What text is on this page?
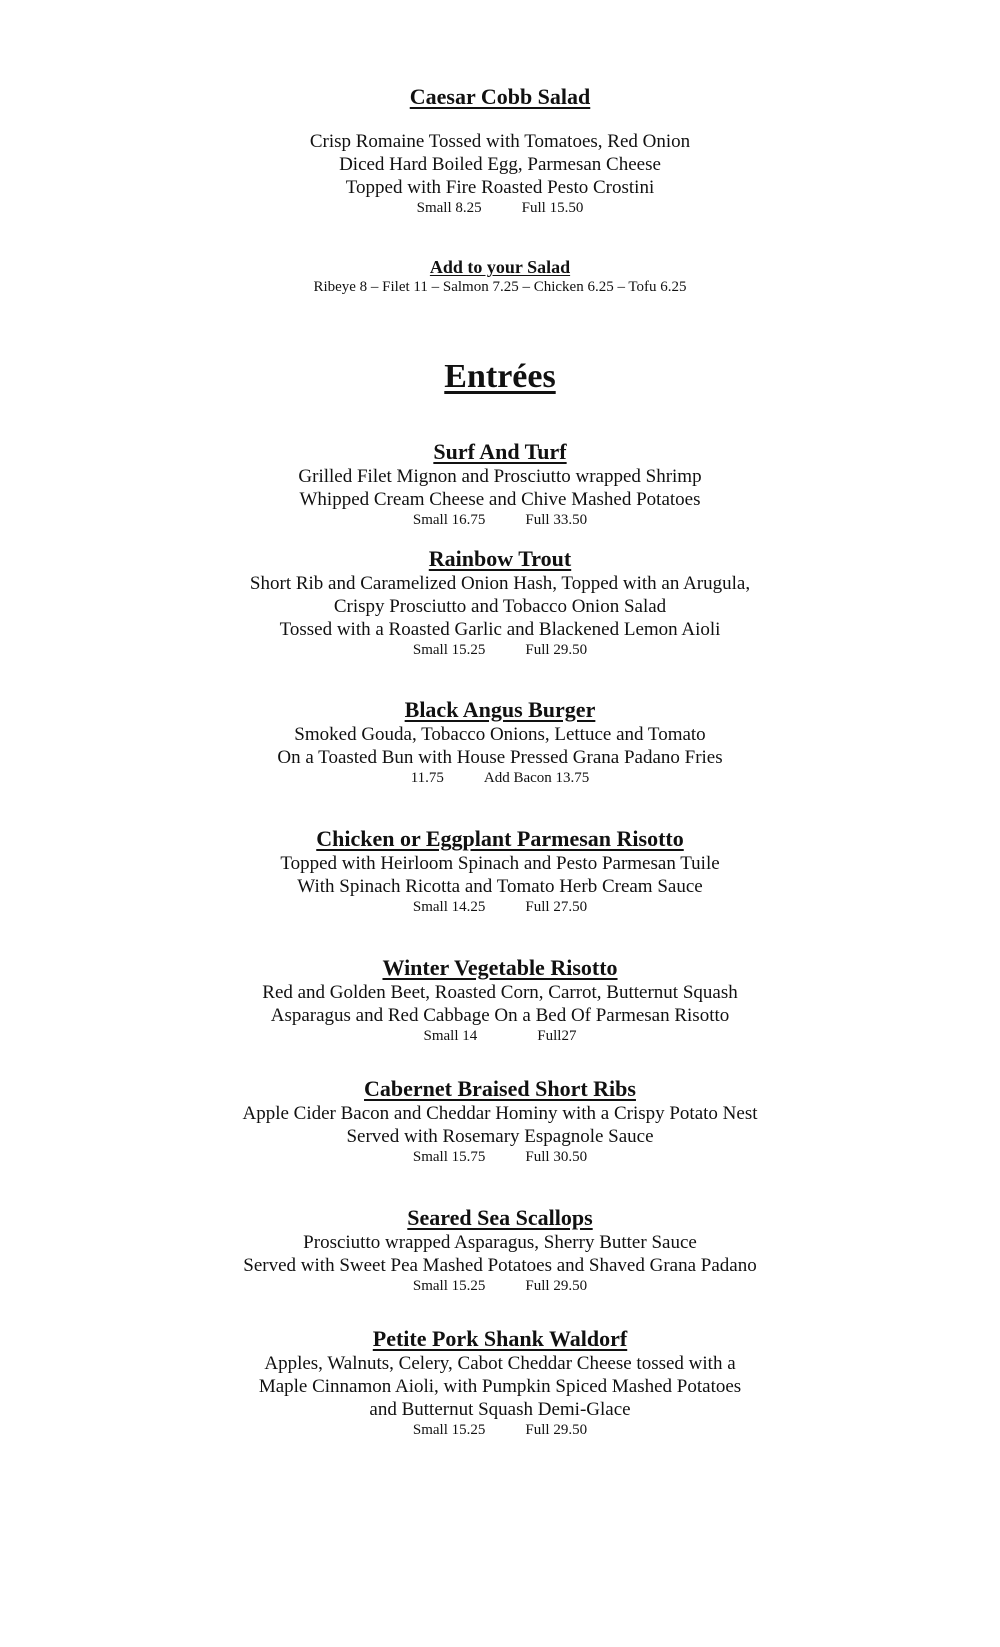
Caesar Cobb Salad
Crisp Romaine Tossed with Tomatoes, Red Onion
Diced Hard Boiled Egg, Parmesan Cheese
Topped with Fire Roasted Pesto Crostini
Small 8.25	Full 15.50
Add to your Salad
Ribeye 8 – Filet 11 – Salmon 7.25 – Chicken 6.25 – Tofu 6.25
Entrées
Surf And Turf
Grilled Filet Mignon and Prosciutto wrapped Shrimp
Whipped Cream Cheese and Chive Mashed Potatoes
Small 16.75	Full 33.50
Rainbow Trout
Short Rib and Caramelized Onion Hash, Topped with an Arugula,
Crispy Prosciutto and Tobacco Onion Salad
Tossed with a Roasted Garlic and Blackened Lemon Aioli
Small 15.25	Full 29.50
Black Angus Burger
Smoked Gouda, Tobacco Onions, Lettuce and Tomato
On a Toasted Bun with House Pressed Grana Padano Fries
11.75	Add Bacon 13.75
Chicken or Eggplant Parmesan Risotto
Topped with Heirloom Spinach and Pesto Parmesan Tuile
With Spinach Ricotta and Tomato Herb Cream Sauce
Small 14.25	Full 27.50
Winter Vegetable Risotto
Red and Golden Beet, Roasted Corn, Carrot, Butternut Squash
Asparagus and Red Cabbage On a Bed Of Parmesan Risotto
Small 14	Full27
Cabernet Braised Short Ribs
Apple Cider Bacon and Cheddar Hominy with a Crispy Potato Nest
Served with Rosemary Espagnole Sauce
Small 15.75	Full 30.50
Seared Sea Scallops
Prosciutto wrapped Asparagus, Sherry Butter Sauce
Served with Sweet Pea Mashed Potatoes and Shaved Grana Padano
Small 15.25	Full 29.50
Petite Pork Shank Waldorf
Apples, Walnuts, Celery, Cabot Cheddar Cheese tossed with a
Maple Cinnamon Aioli, with Pumpkin Spiced Mashed Potatoes
and Butternut Squash Demi-Glace
Small 15.25	Full 29.50
